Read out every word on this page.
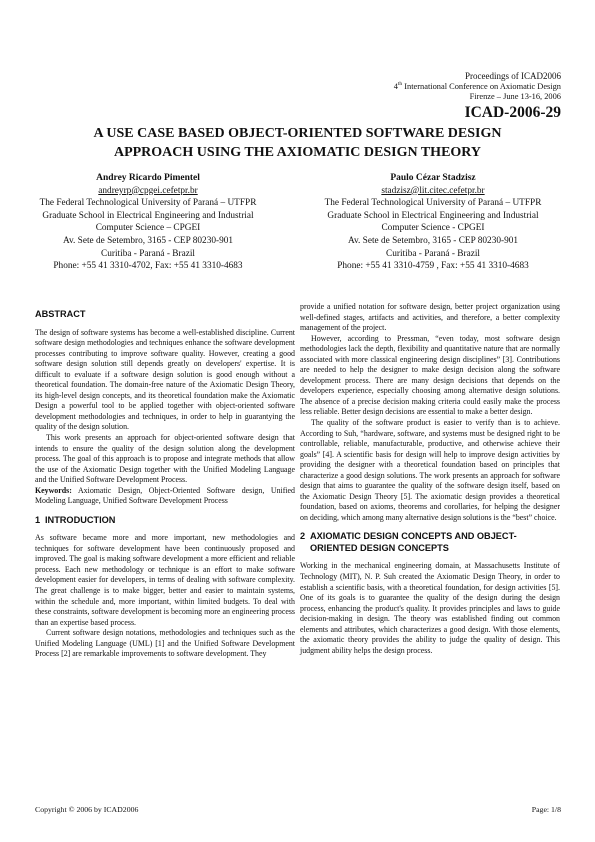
Proceedings of ICAD2006
4th International Conference on Axiomatic Design
Firenze – June 13-16, 2006
ICAD-2006-29
A USE CASE BASED OBJECT-ORIENTED SOFTWARE DESIGN
APPROACH USING THE AXIOMATIC DESIGN THEORY
Andrey Ricardo Pimentel
andreyrp@cpgei.cefetpr.br
The Federal Technological University of Paraná – UTFPR
Graduate School in Electrical Engineering and Industrial
Computer Science – CPGEI
Av. Sete de Setembro, 3165 - CEP 80230-901
Curitiba - Paraná - Brazil
Phone: +55 41 3310-4702, Fax: +55 41 3310-4683
Paulo Cézar Stadzisz
stadzisz@lit.citec.cefetpr.br
The Federal Technological University of Paraná – UTFPR
Graduate School in Electrical Engineering and Industrial
Computer Science - CPGEI
Av. Sete de Setembro, 3165 - CEP 80230-901
Curitiba - Paraná - Brazil
Phone: +55 41 3310-4759 , Fax: +55 41 3310-4683
ABSTRACT

The design of software systems has become a well-established discipline. Current software design methodologies and techniques enhance the software development processes contributing to improve software quality. However, creating a good software design solution still depends greatly on developers' expertise. It is difficult to evaluate if a software design solution is good enough without a theoretical foundation. The domain-free nature of the Axiomatic Design Theory, its high-level design concepts, and its theoretical foundation make the Axiomatic Design a powerful tool to be applied together with object-oriented software development methodologies and techniques, in order to help in guarantying the quality of the design solution.

This work presents an approach for object-oriented software design that intends to ensure the quality of the design solution along the development process. The goal of this approach is to propose and integrate methods that allow the use of the Axiomatic Design together with the Unified Modeling Language and the Unified Software Development Process.

Keywords: Axiomatic Design, Object-Oriented Software design, Unified Modeling Language, Unified Software Development Process

1 INTRODUCTION

As software became more and more important, new methodologies and techniques for software development have been continuously proposed and improved. The goal is making software development a more efficient and reliable process. Each new methodology or technique is an effort to make software development easier for developers, in terms of dealing with software complexity. The great challenge is to make bigger, better and easier to maintain systems, within the schedule and, more important, within limited budgets. To deal with these constraints, software development is becoming more an engineering process than an expertise based process.

Current software design notations, methodologies and techniques such as the Unified Modeling Language (UML) [1] and the Unified Software Development Process [2] are remarkable improvements to software development. They

provide a unified notation for software design, better project organization using well-defined stages, artifacts and activities, and therefore, a better complexity management of the project.

However, according to Pressman, “even today, most software design methodologies lack the depth, flexibility and quantitative nature that are normally associated with more classical engineering design disciplines” [3]. Contributions are needed to help the designer to make design decision along the software development process. There are many design decisions that depends on the developers experience, especially choosing among alternative design solutions. The absence of a precise decision making criteria could easily make the process less reliable. Better design decisions are essential to make a better design.

The quality of the software product is easier to verify than is to achieve. According to Suh, “hardware, software, and systems must be designed right to be controllable, reliable, manufacturable, productive, and otherwise achieve their goals” [4]. A scientific basis for design will help to improve design activities by providing the designer with a theoretical foundation based on principles that characterize a good design solutions. The work presents an approach for software design that aims to guarantee the quality of the software design itself, based on the Axiomatic Design Theory [5]. The axiomatic design provides a theoretical foundation, based on axioms, theorems and corollaries, for helping the designer on deciding, which among many alternative design solutions is the “best” choice.

2 AXIOMATIC DESIGN CONCEPTS AND OBJECT-
ORIENTED DESIGN CONCEPTS

Working in the mechanical engineering domain, at Massachusetts Institute of Technology (MIT), N. P. Suh created the Axiomatic Design Theory, in order to establish a scientific basis, with a theoretical foundation, for design activities [5]. One of its goals is to guarantee the quality of the design during the design process, enhancing the product's quality. It provides principles and laws to guide decision-making in design. The theory was established finding out common elements and attributes, which characterizes a good design. With those elements, the axiomatic theory provides the ability to judge the quality of design. This judgment ability helps the design process.

Copyright © 2006 by ICAD2006	Page: 1/8
